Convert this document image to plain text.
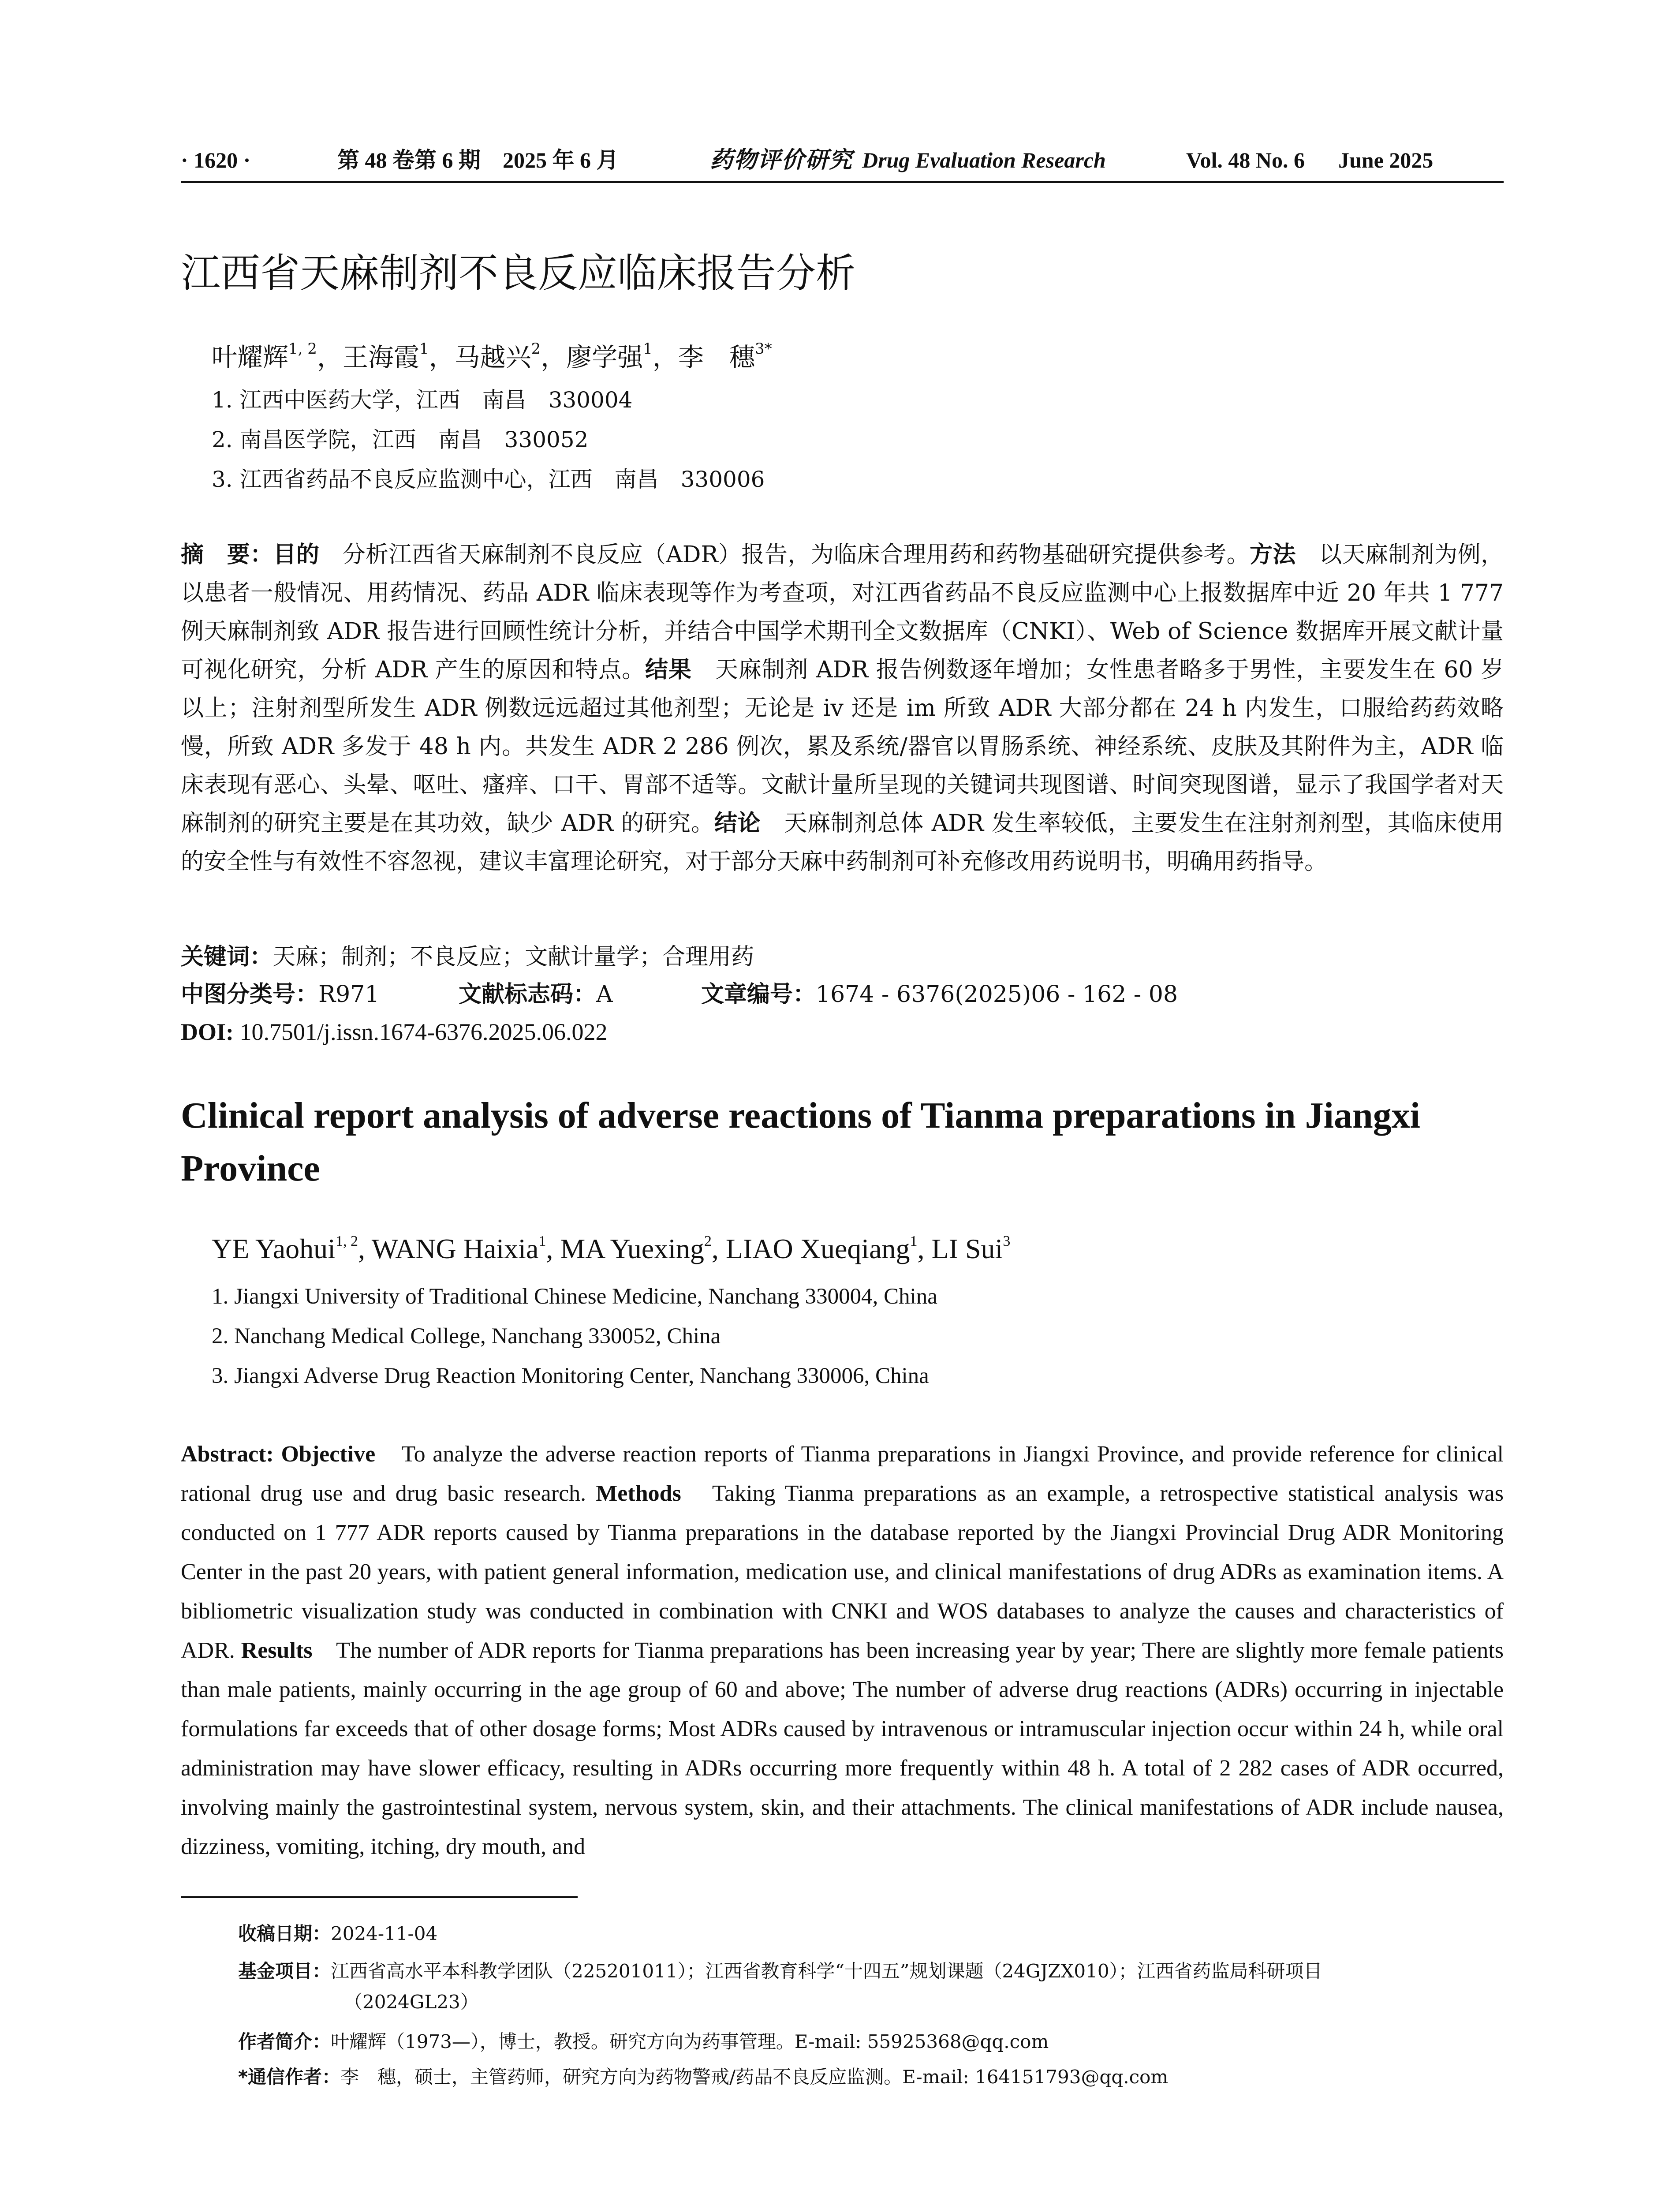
· 1620 ·	第 48 卷第 6 期　2025 年 6 月	药物评价研究 Drug Evaluation Research	Vol. 48 No. 6 June 2025
江西省天麻制剂不良反应临床报告分析
叶耀辉$^{1, 2}$，王海霞$^1$，马越兴$^2$，廖学强$^1$，李　穗$^{3*}$
1. 江西中医药大学，江西　南昌　330004
2. 南昌医学院，江西　南昌　330052
3. 江西省药品不良反应监测中心，江西　南昌　330006

摘　要：目的　分析江西省天麻制剂不良反应（ADR）报告，为临床合理用药和药物基础研究提供参考。方法　以天麻制剂为例，以患者一般情况、用药情况、药品 ADR 临床表现等作为考查项，对江西省药品不良反应监测中心上报数据库中近 20 年共 1 777 例天麻制剂致 ADR 报告进行回顾性统计分析，并结合中国学术期刊全文数据库（CNKI）、Web of Science 数据库开展文献计量可视化研究，分析 ADR 产生的原因和特点。结果　天麻制剂 ADR 报告例数逐年增加；女性患者略多于男性，主要发生在 60 岁以上；注射剂型所发生 ADR 例数远远超过其他剂型；无论是 iv 还是 im 所致 ADR 大部分都在 24 h 内发生，口服给药药效略慢，所致 ADR 多发于 48 h 内。共发生 ADR 2 286 例次，累及系统/器官以胃肠系统、神经系统、皮肤及其附件为主，ADR 临床表现有恶心、头晕、呕吐、瘙痒、口干、胃部不适等。文献计量所呈现的关键词共现图谱、时间突现图谱，显示了我国学者对天麻制剂的研究主要是在其功效，缺少 ADR 的研究。结论　天麻制剂总体 ADR 发生率较低，主要发生在注射剂剂型，其临床使用的安全性与有效性不容忽视，建议丰富理论研究，对于部分天麻中药制剂可补充修改用药说明书，明确用药指导。

关键词：天麻；制剂；不良反应；文献计量学；合理用药
中图分类号：R971	文献标志码：A	文章编号：1674 - 6376(2025)06 - 162 - 08
DOI: 10.7501/j.issn.1674-6376.2025.06.022
Clinical report analysis of adverse reactions of Tianma preparations in Jiangxi Province
YE Yaohui$^{1, 2}$, WANG Haixia$^1$, MA Yuexing$^2$, LIAO Xueqiang$^1$, LI Sui$^3$
1. Jiangxi University of Traditional Chinese Medicine, Nanchang 330004, China
2. Nanchang Medical College, Nanchang 330052, China
3. Jiangxi Adverse Drug Reaction Monitoring Center, Nanchang 330006, China

Abstract: Objective　To analyze the adverse reaction reports of Tianma preparations in Jiangxi Province, and provide reference for clinical rational drug use and drug basic research. Methods　Taking Tianma preparations as an example, a retrospective statistical analysis was conducted on 1 777 ADR reports caused by Tianma preparations in the database reported by the Jiangxi Provincial Drug ADR Monitoring Center in the past 20 years, with patient general information, medication use, and clinical manifestations of drug ADRs as examination items. A bibliometric visualization study was conducted in combination with CNKI and WOS databases to analyze the causes and characteristics of ADR. Results　The number of ADR reports for Tianma preparations has been increasing year by year; There are slightly more female patients than male patients, mainly occurring in the age group of 60 and above; The number of adverse drug reactions (ADRs) occurring in injectable formulations far exceeds that of other dosage forms; Most ADRs caused by intravenous or intramuscular injection occur within 24 h, while oral administration may have slower efficacy, resulting in ADRs occurring more frequently within 48 h. A total of 2 282 cases of ADR occurred, involving mainly the gastrointestinal system, nervous system, skin, and their attachments. The clinical manifestations of ADR include nausea, dizziness, vomiting, itching, dry mouth, and

收稿日期：2024-11-04
基金项目：江西省高水平本科教学团队（225201011）；江西省教育科学“十四五”规划课题（24GJZX010）；江西省药监局科研项目
（2024GL23）
作者简介：叶耀辉（1973—），博士，教授。研究方向为药事管理。E-mail: 55925368@qq.com
*通信作者：李　穗，硕士，主管药师，研究方向为药物警戒/药品不良反应监测。E-mail: 164151793@qq.com
